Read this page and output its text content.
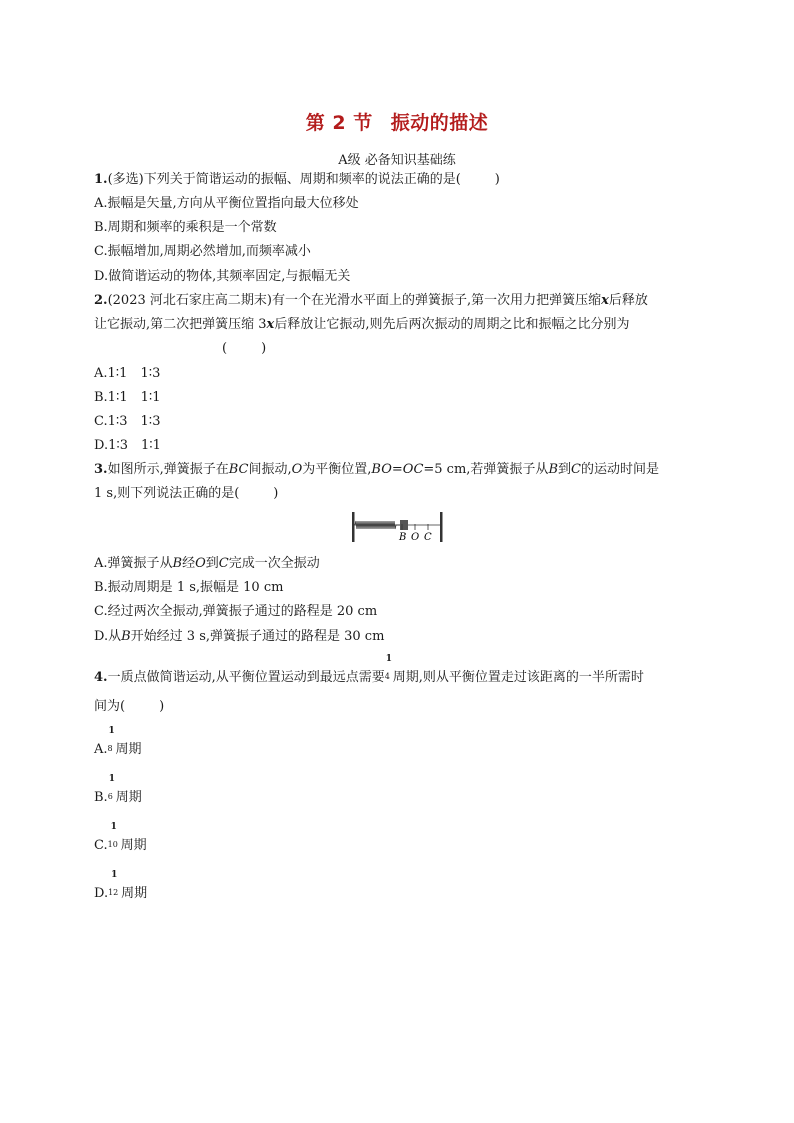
第 2 节 振动的描述
A级 必备知识基础练
1.(多选)下列关于简谐运动的振幅、周期和频率的说法正确的是(	)
A.振幅是矢量,方向从平衡位置指向最大位移处
B.周期和频率的乘积是一个常数
C.振幅增加,周期必然增加,而频率减小
D.做简谐运动的物体,其频率固定,与振幅无关
2.(2023 河北石家庄高二期末)有一个在光滑水平面上的弹簧振子,第一次用力把弹簧压缩x后释放
让它振动,第二次把弹簧压缩 3x后释放让它振动,则先后两次振动的周期之比和振幅之比分别为
(	)
A.1∶1　1∶3
B.1∶1　1∶1
C.1∶3　1∶3
D.1∶3　1∶1
3.如图所示,弹簧振子在BC间振动,O为平衡位置,BO=OC=5 cm,若弹簧振子从B到C的运动时间是
1 s,则下列说法正确的是(	)
B O C
A.弹簧振子从B经O到C完成一次全振动
B.振动周期是 1 s,振幅是 10 cm
C.经过两次全振动,弹簧振子通过的路程是 20 cm
D.从B开始经过 3 s,弹簧振子通过的路程是 30 cm
4.一质点做简谐运动,从平衡位置运动到最远点需要
1
4 周期,则从平衡位置走过该距离的一半所需时
间为(	)
A.
1
8 周期
B.
1
6 周期
C.
1
10 周期
D.
1
12 周期
